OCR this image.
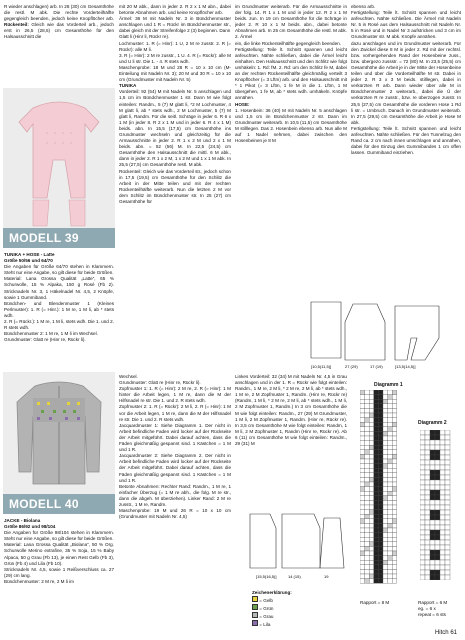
MODELL 39

R wieder anschlagen) arb. In 28 (30) cm Gesamthöhe die restl. M abk. Die rechte Vorderteilhälfte gegengleich beenden, jedoch keine Knopflöcher arb. Rückenteil: Gleich wie das Vorderteil arb., jedoch erst in 26,5 (28,5) cm Gesamthöhe für den Halsausschnitt die

TUNIKA + HOSE - Latte

Größe 50/56 und 64/70

Die Angaben für Größe 64/70 stehen in Klammern. Steht nur eine Angabe, so gilt diese für beide Größen.

Material: Lana Grossa Qualität „Latte“, 65 % Schurwolle, 15 % Alpaka, 150 g Rosé (Fb 2). Stricknadeln Nr. 3, 1 Häkelnadel Nr. 4,5, 2 Knöpfe, sowie 1 Gummiband.

Bündchen- und Blendenmuster 1 (Kleines Perlmuster): 1. R (= Hinr.): 1 M re, 1 M li, ab * stets wdh.

2. R (= Rückr.): 1 M re, 1 M li, stets wdh. Die 1. und 2. R stets wdh.

Bündchenmuster 2: 1 M re, 1 M li im Wechsel.

Grundmuster: Glatt re (Hinr re, Rückr li).

MODELL 40

JACKE - Biolana

Größe 86/92 und 98/104

Die Angaben für Größe 98/104 stehen in Klammern. Steht nur eine Angabe, so gilt diese für beide Größen.

Material: Lana Grossa Qualität „Biolana“, 50 % Org. Schurwolle Merino extrafine, 35 % Soja, 15 % Baby Alpaca, 50 g Grau (Fb 13), je einen Rest Gelb (Fb 3), Grün (Fb 4) und Lila (Fb 10).

Stricknadeln Nr. 4,5, sowie 1 Reißverschluss ca. 27 (29) cm lang.

Bündchenmuster: 2 M re, 2 M li im

mit 20 M abk., dann in jeder 2. R 2 x 1 M abn., dabei betonte Abnahmen arb. und keine Knopflöcher arb.

Ärmel: 36 M mit Nadeln Nr. 3 in Bündchenmuster anschlagen und 1 R = Rückr im Bündchenmuster str., dabei gleich mit der Streifenfolge 2 (3) beginnen. Dann

Glatt li (Hinr li, Rückr re).

Lochmuster: 1. R (= Hinr): 1 U, 2 M re zusstr. 2. R (= Rückr): alle M li.

3. R (= Hinr): 2 M re zusstr., 1 U. 4. R (= Rückr): alle M und U li str. Die 1. - 4. R stets wdh.

Maschenprobe: 18 M und 28 R = 10 x 10 cm (M-Einteilung mit Nadeln Nr. 3); 20 M und 30 R = 10 x 10 cm (Grundmuster mit Nadeln Nr. 5)

TUNIKA

Vorderteil: 92 (54) M mit Nadeln Nr. 5 anschlagen und 1,5 cm im Bündchenmuster 1 str. Dann M wie folgt einteilen: Randm., 5 (7) M glatt li, *2 M Lochmuster, 4 M glatt li, ab * stets wdh., 2 M Lochmuster, 5 (7) M glatt li, Randm. Für die seitl. Schräge in jeder 6. R 6 x 1 M (in jeder 8. R 2 x 1 M und in jeder 6. R 4 x 1 M) beids. abn. In 15,5 (17,5) cm Gesamthöhe ins Grundmuster wechseln und gleichzeitig für die Armausschnitte in jeder 2. R 1 x 2 M und 2 x 1 M beids. abn. = 52 (56) M. In 22,5 (24,5) cm Gesamthöhe den Halsausschnitt die mittl. 6 M abk., dann in jeder 2. R 1 x 2 M, 1 x 2 M und 1 x 1 M abk. In 25,5 (27,5) cm Gesamthöhe restl. M abk.

Rückenteil: Gleich wie das Vorderteil str., jedoch schon in 17,5 (19,5) cm Gesamthöhe für den Schlitz die Arbeit in der Mitte teilen und mit der rechten Rückenteilhälfte weiterarb. Nun die letzten 2 M vor dem Schlitz im Bündchenmuster str. In 25 (27) cm Gesamthöhe für

Wechsel.

Grundmuster: Glatt re (Hinr re, Rückr li).

Zopfmuster 1: 1. R (= Hinr): 2 M re, 2. R (= Hinr): 1 M hinter die Arbeit legen, 1 M re, dann die M der Hilfsnadel re str. Die 1. und 2. R stets wdh.

Zopfmuster 2: 1. R (= Rückr): 2 M li, 2. R (= Hinr): 1 M vor die Arbeit legen, 1 M re, dann die M der Hilfsnadel re str. Die 1. und 2. R stets wdh.

Jacquardmuster 1: Siehe Diagramm 1. Der nicht in Arbeit befindliche Faden wird locker auf der Rückseite der Arbeit mitgeführt. Dabei darauf achten, dass die Fäden gleichmäßig gespannt sind. 1 Kästchen = 1 M und 1 R.

Jacquardmuster 2: Siehe Diagramm 2. Der nicht in Arbeit befindliche Faden wird locker auf der Rückseite der Arbeit mitgeführt. Dabei darauf achten, dass die Fäden gleichmäßig gespannt sind. 1 Kästchen = 1 M und 1 R.

Betonte Abnahmen: Rechter Rand: Randm., 1 M re, 1 einfacher Überzug (= 1 M re abh., die folg. M re str., dann die abgeh. M überziehen). Linker Rand: 2 M re zusstr., 1 M re, Randm.

Maschenprobe: 19 M und 26 R = 10 x 10 cm (Grundmuster mit Nadeln Nr. 4,5)

im Grundmuster weiterarb. Für die Armausschnitte in der folg. 14. R 1 x 1 M und in jeder 12. R 2 x 1 M beids. zun. In 19 cm Gesamthöhe für die Schräge in jeder 2. R 10 x 1 M beids. abn., dabei betonte Abnahmen arb. In 25 cm Gesamthöhe die restl. M abk. 2. Ärmel

ein, die linke Rückenteilhälfte gegengleich beenden.

Fertigstellung: Teile lt. Schnitt spannen und leicht anfeuchten. Nähte schließen, dabei die Ärmel leicht einhalten. Den Halsausschnitt und den Schlitz wie folgt umhäkeln: 1. Rd: fM. 2. Rd: um den Schlitz fe M, dabei an der rechten Rückenteilhälfte gleichmäßig verteilt 3 Knopflöcher (= 3 Lftm) arb. und den Halsausschnitt mit * 1 Pikot (= 3 Lftm, 1 fe M in die 1. Lftm, 1 M übergehen, 1 fe M, ab * stets wdh. umhäkeln. Knöpfe annähen.

HOSE:

1. Hosenbein: 36 (40) M mit Nadeln Nr. 5 anschlagen und 1,5 cm im Bündchenmuster 2 str. Dann im Grundmuster weiterarb. In 10,5 (11,5) cm Gesamthöhe M stilllegen. Das 2. Hosenbein ebenso arb. Nun alle M auf 1 Nadel nehmen, dabei zwischen den Hosenbeinen je 8 M

ebenso arb.

Fertigstellung: Teile lt. Schnitt spannen und leicht anfeuchten. Nähte schließen. Die Ärmel mit Nadeln Nr. 5 in Rosé aus dem Halsausschnitt mit Nadeln Nr. 5 in Rosé und in Nadel Nr 3 aufstricken und 3 cm im Grundmuster str. M abk. Knöpfe annähen.

dazu anschlagen und im Grundmuster weiterarb. Für den Zwickel diese 8 M in jeder 2. Rd mit der rechtsl. bzw. vorhergehenden Rand der Hosenbeine zuss., bzw. übergezo zussstr. = 72 (80) M. In 23,5 (25,5) cm Gesamthöhe die Arbeit je in der Mitte der Hosenbeine teilen und über die Vorderteilhälfte M str. Dabei in jeder 2. R 3 x 3 M beids. stilllegen, dabei in verkürzten R arb. Dann wieder über alle M in Bündchenmuster 2 weiterarb., dabei die Ü der verkürzten R re zusstr., bzw. re überzogen zusstr. In 25,5 (27,5) cm Gesamthöhe die vorderen Hose 1 Rd li str. = Umbruch. Danach im Grundmuster weiterarb. In 27,5 (29,5) cm Gesamthöhe die Arbeit je Hose M abk.

Fertigstellung: Teile lt. Schnitt spannen und leicht anfeuchten. Nähte schließen. Für den Tunnelzug den Rand ca. 2 cm nach innen umschlagen und annähen, dabei für den Einzug des Gummibandes 1 cm offen lassen. Gummiband einziehen.

[10,5(11,5)]	27 (29)	17 (19)	[13,5(14,5)]

Linkes Vorderteil: 32 (34) M mit Nadeln Nr. 4,5 in Grau anschlagen und in der 1. R = Rückr wie folgt einteilen: Randm., 1 M re, 2 M li, * 2 M re, 2 M li, ab * stets wdh., 1 M re, 2 M Zopfmuster 1, Randm. (Hinr re, Rückr re) (Randm, 1 M li, * 2 M re, 2 M li, ab * stets wdh., 1 M li, 2 M Zopfmuster 1, Randm.) In 3 cm Gesamthöhe die M wie folgt einteilen: Randm., 27 (29) M Grundmuster, 1 M li, 2 M Zopfmuster 1, Randm. (Hinr re, Rückr re). In 3,5 cm Gesamthöhe M wie folgt einteilen: Randm, 1 M li, 2 M Zopfmuster 1, Randm (Hinr re, Rückr re). Ab 6 (11) cm Gesamthöhe M wie folgt einteilen: Randm., 29 (31) M

[15,5(16,5)]	14 (15)	19

Zeichenerklärung:

= Gelb

= Grün

= Grau

= Lila

Diagramm 1
Rapport = 8 M
Diagramm 2

Rapport = 6 M

eg. = 6 x

repeat = 6 sts

Hitch 61
